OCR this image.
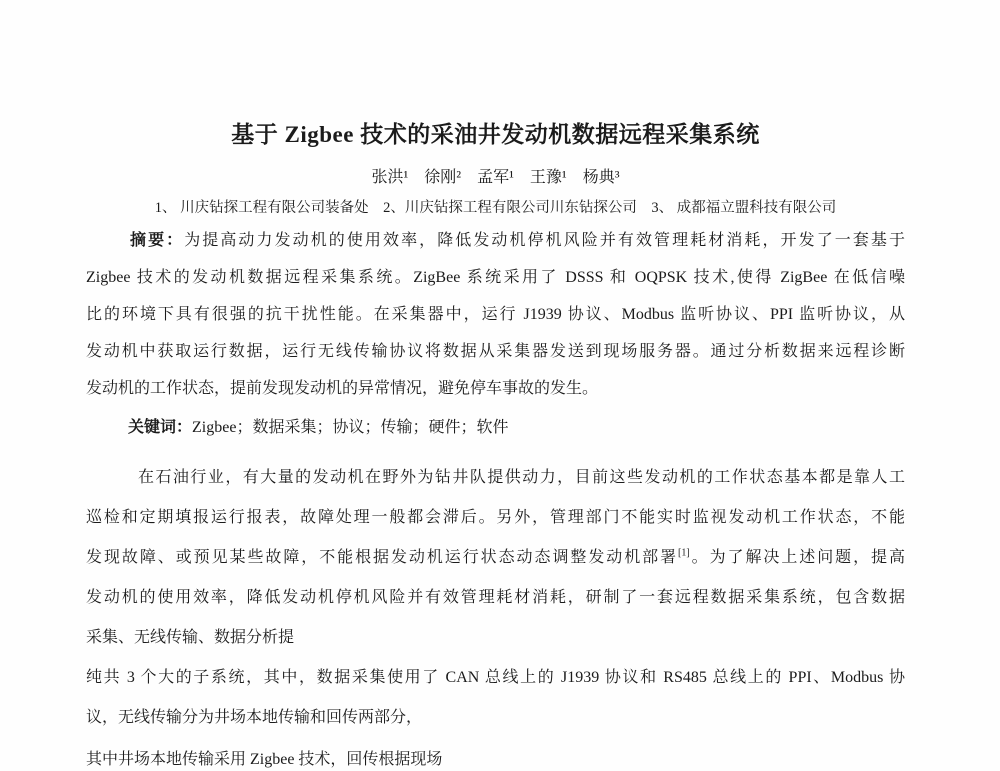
基于 Zigbee 技术的采油井发动机数据远程采集系统
张洪¹　徐刚²　孟军¹　王豫¹　杨典³
1、 川庆钻探工程有限公司装备处　2、川庆钻探工程有限公司川东钻探公司　3、 成都福立盟科技有限公司
摘要：为提高动力发动机的使用效率，降低发动机停机风险并有效管理耗材消耗，开发了一套基于
Zigbee 技术的发动机数据远程采集系统。ZigBee 系统采用了 DSSS 和 OQPSK 技术,使得 ZigBee 在低信噪
比的环境下具有很强的抗干扰性能。在采集器中，运行 J1939 协议、Modbus 监听协议、PPI 监听协议，从
发动机中获取运行数据，运行无线传输协议将数据从采集器发送到现场服务器。通过分析数据来远程诊断
发动机的工作状态，提前发现发动机的异常情况，避免停车事故的发生。
关键词：Zigbee；数据采集；协议；传输；硬件；软件
在石油行业，有大量的发动机在野外为钻井队提供动力，目前这些发动机的工作状态基本都是靠人工
巡检和定期填报运行报表，故障处理一般都会滞后。另外，管理部门不能实时监视发动机工作状态，不能
发现故障、或预见某些故障，不能根据发动机运行状态动态调整发动机部署[1]。为了解决上述问题，提高
发动机的使用效率，降低发动机停机风险并有效管理耗材消耗，研制了一套远程数据采集系统，包含数据
采集、无线传输、数据分析提
纯共 3 个大的子系统，其中，数据采集使用了 CAN 总线上的 J1939 协议和 RS485 总线上的 PPI、Modbus 协
议，无线传输分为井场本地传输和回传两部分，
其中井场本地传输采用 Zigbee 技术，回传根据现场
